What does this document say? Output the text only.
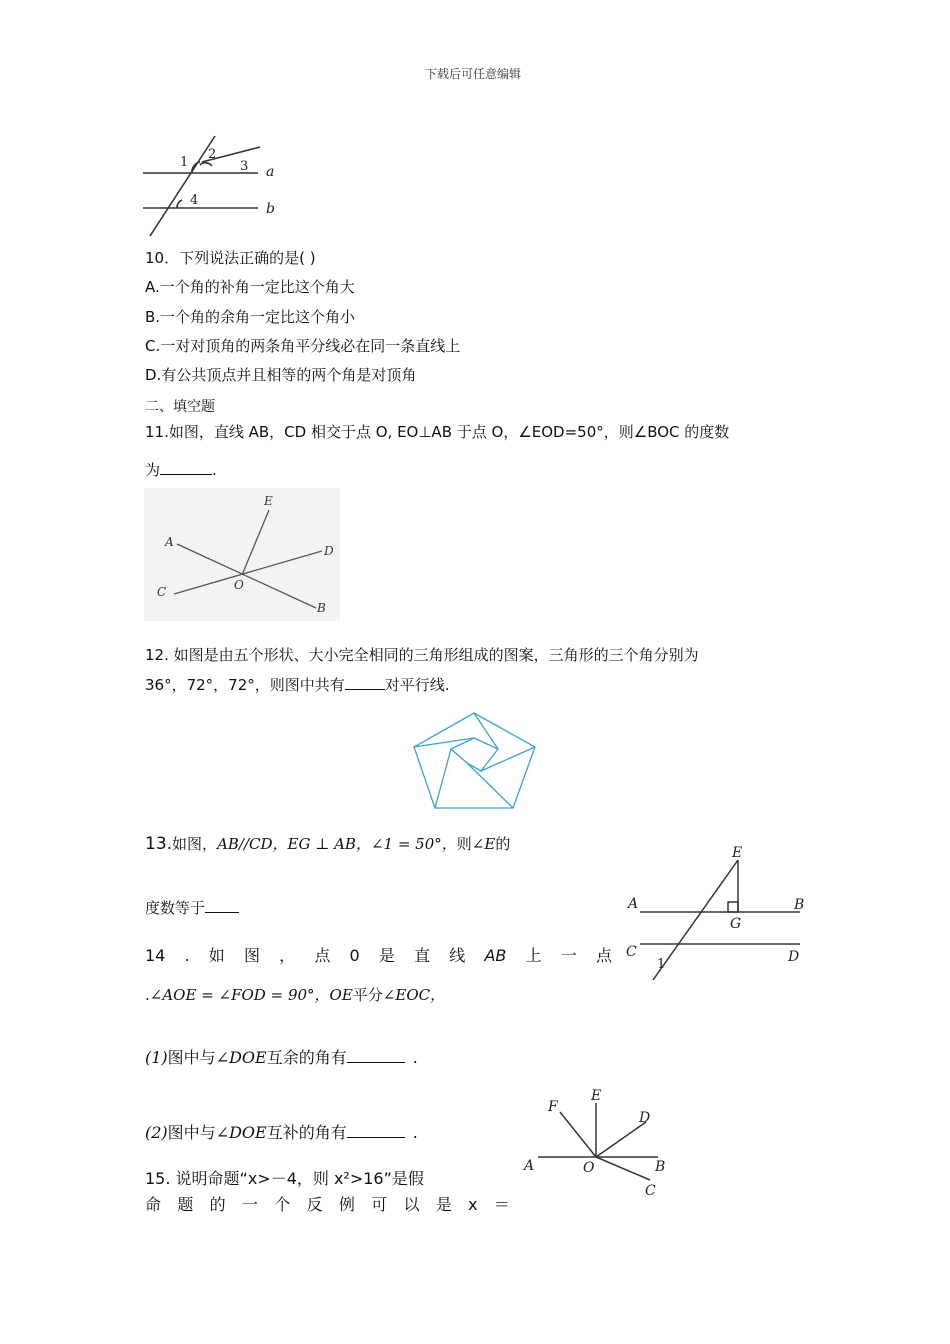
下载后可任意编辑
1
2
3
4
a
b
10．下列说法正确的是( )
A.一个角的补角一定比这个角大
B.一个角的余角一定比这个角小
C.一对对顶角的两条角平分线必在同一条直线上
D.有公共顶点并且相等的两个角是对顶角
二、填空题
11.如图，直线 AB，CD 相交于点 O, EO⊥AB 于点 O，∠EOD=50°，则∠BOC 的度数
为	.
A
B
C
D
E
O
12. 如图是由五个形状、大小完全相同的三角形组成的图案，三角形的三个角分别为
36°，72°，72°，则图中共有	对平行线.
13.如图，AB//CD，EG ⊥ AB，∠1 = 50°，则∠E的
度数等于
E
A	B
G
C	D
1
14 . 如 图 ， 点 0 是 直 线 AB 上 一 点
.∠AOE = ∠FOD = 90°，OE平分∠EOC，
(1)图中与∠DOE互余的角有	.
(2)图中与∠DOE互补的角有	.
F
E
D
A	O	B
C
15. 说明命题“x>－4，则 x²>16”是假
命 题 的 一 个 反 例 可 以 是 x ＝
